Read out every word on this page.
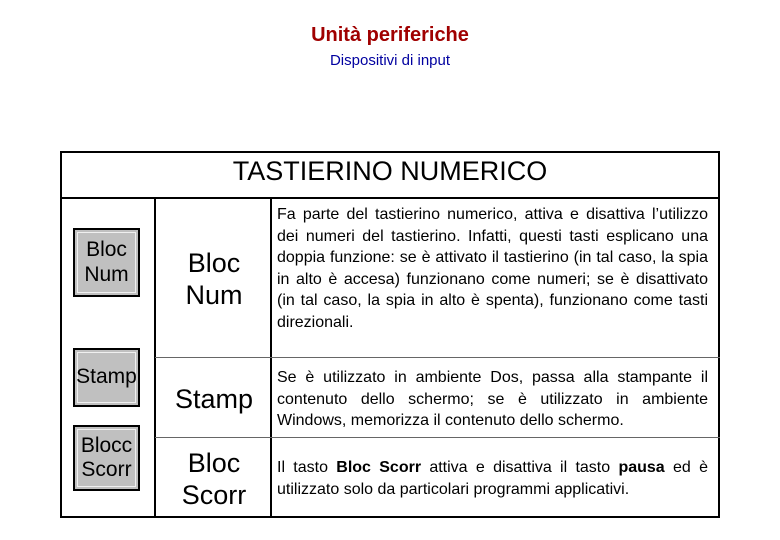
Unità periferiche
Dispositivi di input
TASTIERINO NUMERICO
Bloc
Num
Stamp
Blocc
Scorr
Bloc
Num
Stamp
Bloc
Scorr
Fa parte del tastierino numerico, attiva e disattiva l’utilizzo dei numeri del tastierino. Infatti, questi tasti esplicano una doppia funzione: se è attivato il tastierino (in tal caso, la spia in alto è accesa) funzionano come numeri; se è disattivato (in tal caso, la spia in alto è spenta), funzionano come tasti direzionali.
Se è utilizzato in ambiente Dos, passa alla stampante il contenuto dello schermo; se è utilizzato in ambiente Windows, memorizza il contenuto dello schermo.
Il tasto Bloc Scorr attiva e disattiva il tasto pausa ed è utilizzato solo da particolari programmi applicativi.
